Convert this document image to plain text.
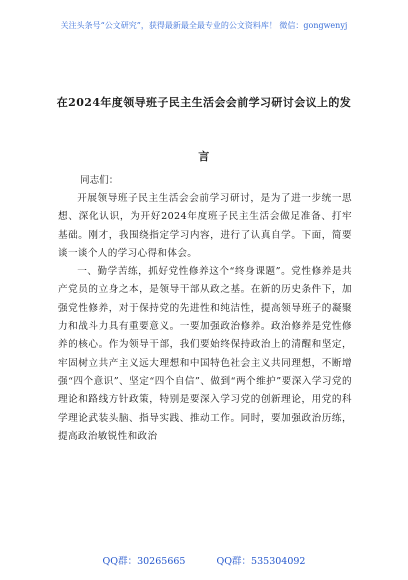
关注头条号“公文研究”，获得最新最全最专业的公文资料库！ 微信：gongwenyj
在2024年度领导班子民主生活会会前学习研讨会议上的发
言
同志们：

开展领导班子民主生活会会前学习研讨，是为了进一步统一思想、深化认识，为开好2024年度班子民主生活会做足准备、打牢基础。刚才，我围绕指定学习内容，进行了认真自学。下面，简要谈一谈个人的学习心得和体会。

一、勤学苦练，抓好党性修养这个“终身课题”。党性修养是共产党员的立身之本，是领导干部从政之基。在新的历史条件下，加强党性修养，对于保持党的先进性和纯洁性，提高领导班子的凝聚力和战斗力具有重要意义。一要加强政治修养。政治修养是党性修养的核心。作为领导干部，我们要始终保持政治上的清醒和坚定，牢固树立共产主义远大理想和中国特色社会主义共同理想，不断增强“四个意识”、坚定“四个自信”、做到“两个维护”要深入学习党的理论和路线方针政策，特别是要深入学习党的创新理论，用党的科学理论武装头脑、指导实践、推动工作。同时，要加强政治历练，提高政治敏锐性和政治

QQ群：30265665	QQ群：535304092
